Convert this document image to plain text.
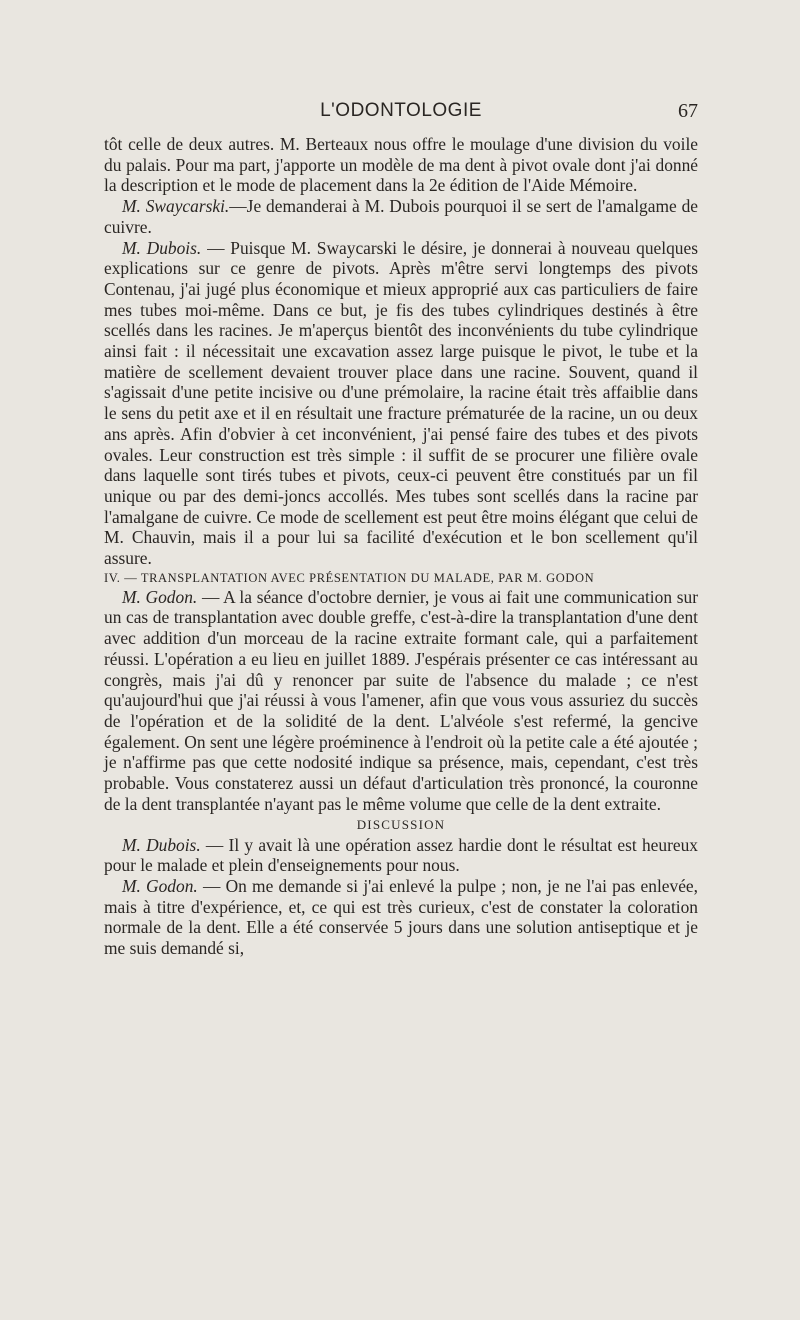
L'ODONTOLOGIE	67

tôt celle de deux autres. M. Berteaux nous offre le moulage d'une division du voile du palais. Pour ma part, j'apporte un modèle de ma dent à pivot ovale dont j'ai donné la description et le mode de placement dans la 2e édition de l'Aide Mémoire.

M. Swaycarski.—Je demanderai à M. Dubois pourquoi il se sert de l'amalgame de cuivre.

M. Dubois. — Puisque M. Swaycarski le désire, je donnerai à nouveau quelques explications sur ce genre de pivots. Après m'être servi longtemps des pivots Contenau, j'ai jugé plus économique et mieux approprié aux cas particuliers de faire mes tubes moi-même. Dans ce but, je fis des tubes cylindriques destinés à être scellés dans les racines. Je m'aperçus bientôt des inconvénients du tube cylindrique ainsi fait : il nécessitait une excavation assez large puisque le pivot, le tube et la matière de scellement devaient trouver place dans une racine. Souvent, quand il s'agissait d'une petite incisive ou d'une prémolaire, la racine était très affaiblie dans le sens du petit axe et il en résultait une fracture prématurée de la racine, un ou deux ans après. Afin d'obvier à cet inconvénient, j'ai pensé faire des tubes et des pivots ovales. Leur construction est très simple : il suffit de se procurer une filière ovale dans laquelle sont tirés tubes et pivots, ceux-ci peuvent être constitués par un fil unique ou par des demi-joncs accollés. Mes tubes sont scellés dans la racine par l'amalgane de cuivre. Ce mode de scellement est peut être moins élégant que celui de M. Chauvin, mais il a pour lui sa facilité d'exécution et le bon scellement qu'il assure.

IV. — TRANSPLANTATION AVEC PRÉSENTATION DU MALADE, PAR M. GODON

M. Godon. — A la séance d'octobre dernier, je vous ai fait une communication sur un cas de transplantation avec double greffe, c'est-à-dire la transplantation d'une dent avec addition d'un morceau de la racine extraite formant cale, qui a parfaitement réussi. L'opération a eu lieu en juillet 1889. J'espérais présenter ce cas intéressant au congrès, mais j'ai dû y renoncer par suite de l'absence du malade ; ce n'est qu'aujourd'hui que j'ai réussi à vous l'amener, afin que vous vous assuriez du succès de l'opération et de la solidité de la dent. L'alvéole s'est refermé, la gencive également. On sent une légère proéminence à l'endroit où la petite cale a été ajoutée ; je n'affirme pas que cette nodosité indique sa présence, mais, cependant, c'est très probable. Vous constaterez aussi un défaut d'articulation très prononcé, la couronne de la dent transplantée n'ayant pas le même volume que celle de la dent extraite.

DISCUSSION

M. Dubois. — Il y avait là une opération assez hardie dont le résultat est heureux pour le malade et plein d'enseignements pour nous.

M. Godon. — On me demande si j'ai enlevé la pulpe ; non, je ne l'ai pas enlevée, mais à titre d'expérience, et, ce qui est très curieux, c'est de constater la coloration normale de la dent. Elle a été conservée 5 jours dans une solution antiseptique et je me suis demandé si,
